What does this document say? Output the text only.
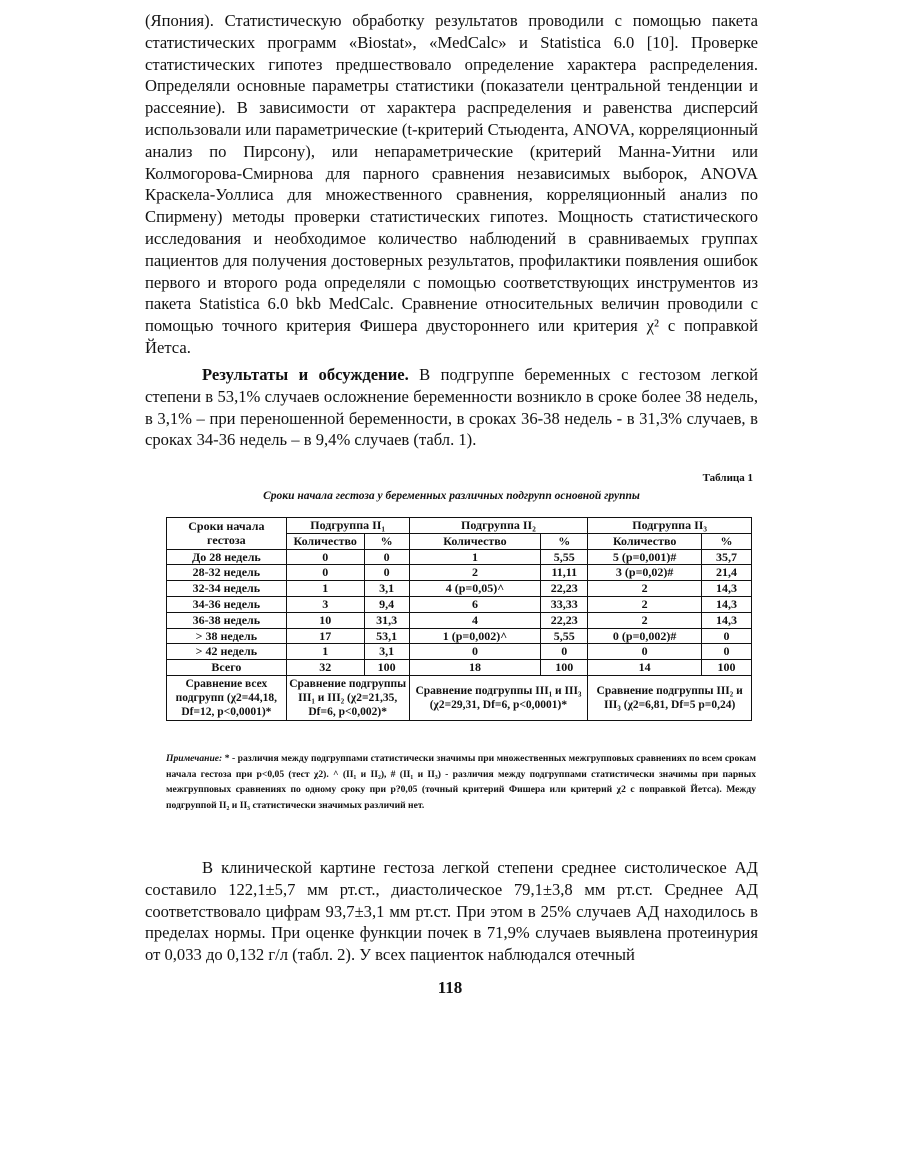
(Япония). Статистическую обработку результатов проводили с помощью пакета статистических программ «Biostat», «MedCalc» и Statistica 6.0 [10]. Проверке статистических гипотез предшествовало определение характера распределения. Определяли основные параметры статистики (показатели центральной тенденции и рассеяние). В зависимости от характера распределения и равенства дисперсий использовали или параметрические (t-критерий Стьюдента, ANOVA, корреляционный анализ по Пирсону), или непараметрические (критерий Манна-Уитни или Колмогорова-Смирнова для парного сравнения независимых выборок, ANOVA Краскела-Уоллиса для множественного сравнения, корреляционный анализ по Спирмену) методы проверки статистических гипотез. Мощность статистического исследования и необходимое количество наблюдений в сравниваемых группах пациентов для получения достоверных результатов, профилактики появления ошибок первого и второго рода определяли с помощью соответствующих инструментов из пакета Statistica 6.0 bkb MedCalc. Сравнение относительных величин проводили с помощью точного критерия Фишера двустороннего или критерия χ² с поправкой Йетса.

Результаты и обсуждение. В подгруппе беременных с гестозом легкой степени в 53,1% случаев осложнение беременности возникло в сроке более 38 недель, в 3,1% – при переношенной беременности, в сроках 36-38 недель - в 31,3% случаев, в сроках 34-36 недель – в 9,4% случаев (табл. 1).

Таблица 1

Сроки начала гестоза у беременных различных подгрупп основной группы

Сроки начала гестоза	Подгруппа II₁		Подгруппа II₂		Подгруппа II₃	
	Количество	%	Количество	%	Количество	%
До 28 недель	0	0	1	5,55	5 (p=0,001)#	35,7
28-32 недель	0	0	2	11,11	3 (p=0,02)#	21,4
32-34 недель	1	3,1	4 (p=0,05)^	22,23	2	14,3
34-36 недель	3	9,4	6	33,33	2	14,3
36-38 недель	10	31,3	4	22,23	2	14,3
> 38 недель	17	53,1	1 (p=0,002)^	5,55	0 (p=0,002)#	0
> 42 недель	1	3,1	0	0	0	0
Всего	32	100	18	100	14	100
Сравнение всех подгрупп (χ2=44,18, Df=12, p<0,0001)*	Сравнение подгруппы III₁ и III₂ (χ2=21,35, Df=6, p<0,002)*		Сравнение подгруппы III₁ и III₃ (χ2=29,31, Df=6, p<0,0001)*		Сравнение подгруппы III₂ и III₃ (χ2=6,81, Df=5 p=0,24)	

Примечание: * - различия между подгруппами статистически значимы при множественных межгрупповых сравнениях по всем срокам начала гестоза при p<0,05 (тест χ2). ^ (II₁ и II₂), # (II₁ и II₃) - различия между подгруппами статистически значимы при парных межгрупповых сравнениях по одному сроку при p?0,05 (точный критерий Фишера или критерий χ2 с поправкой Йетса). Между подгруппой II₂ и II₃ статистически значимых различий нет.

В клинической картине гестоза легкой степени среднее систолическое АД составило 122,1±5,7 мм рт.ст., диастолическое 79,1±3,8 мм рт.ст. Среднее АД соответствовало цифрам 93,7±3,1 мм рт.ст. При этом в 25% случаев АД находилось в пределах нормы. При оценке функции почек в 71,9% случаев выявлена протеинурия от 0,033 до 0,132 г/л (табл. 2). У всех пациенток наблюдался отечный

118
